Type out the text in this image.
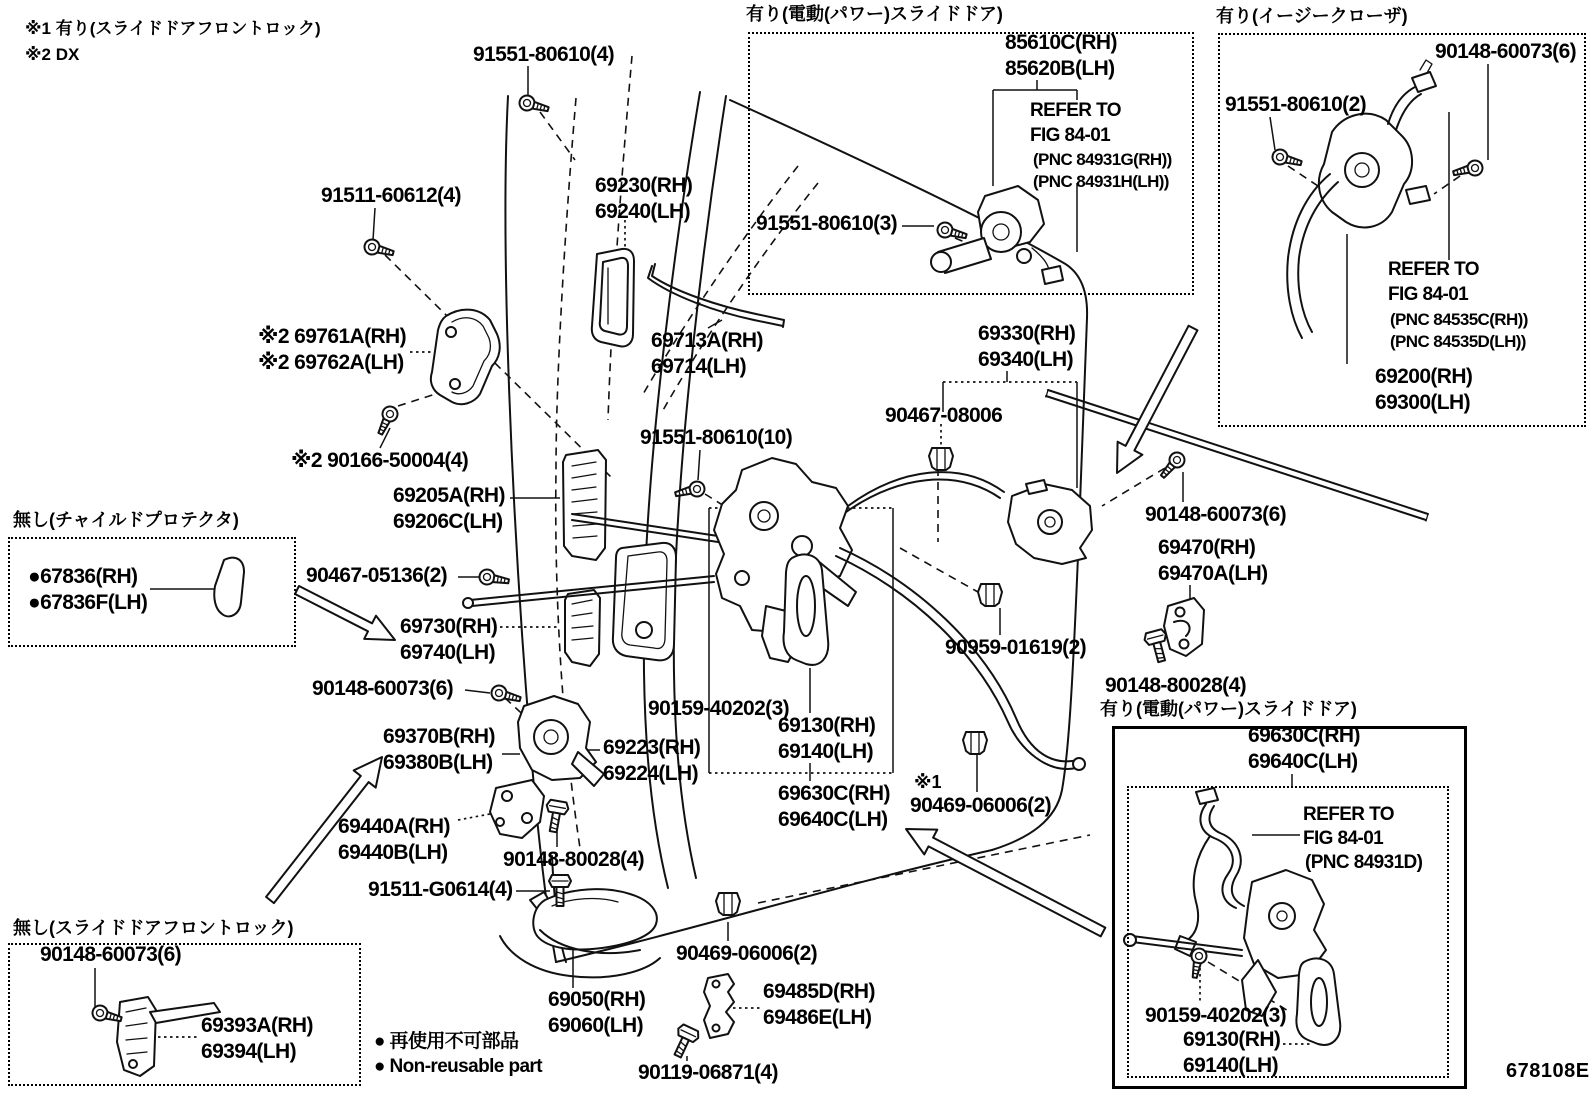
※1 有り(スライドドアフロントロック)
※2 DX
有り(電動(パワー)スライドドア)
85610C(RH)
85620B(LH)
REFER TO
FIG 84-01
(PNC 84931G(RH))
(PNC 84931H(LH))
91551-80610(3)
有り(イージークローザ)
90148-60073(6)
91551-80610(2)
REFER TO
FIG 84-01
(PNC 84535C(RH))
(PNC 84535D(LH))
69200(RH)
69300(LH)
91551-80610(4)
91511-60612(4)	69230(RH)
69240(LH)
※2 69761A(RH)
※2 69762A(LH)
69713A(RH)
69714(LH)
69330(RH)
69340(LH)
90467-08006
※2 90166-50004(4)
91551-80610(10)
69205A(RH)
69206C(LH)
90467-05136(2)
69730(RH)
69740(LH)
90148-60073(6)
69370B(RH)
69380B(LH)
90159-40202(3)
69223(RH)
69224(LH)
69130(RH)
69140(LH)
69630C(RH)
69640C(LH)
※1
90469-06006(2)
90959-01619(2)
69470(RH)
69470A(LH)
90148-60073(6)
90148-80028(4)
69440A(RH)
69440B(LH)	90148-80028(4)
91511-G0614(4)
69050(RH)
69060(LH)
90469-06006(2)
69485D(RH)
69486E(LH)
90119-06871(4)
無し(チャイルドプロテクタ)
●67836(RH)
●67836F(LH)
無し(スライドドアフロントロック)
90148-60073(6)
69393A(RH)
69394(LH)	● 再使用不可部品
● Non-reusable part
有り(電動(パワー)スライドドア)
69630C(RH)
69640C(LH)
REFER TO
FIG 84-01
(PNC 84931D)
90159-40202(3)
69130(RH)
69140(LH)	678108E
